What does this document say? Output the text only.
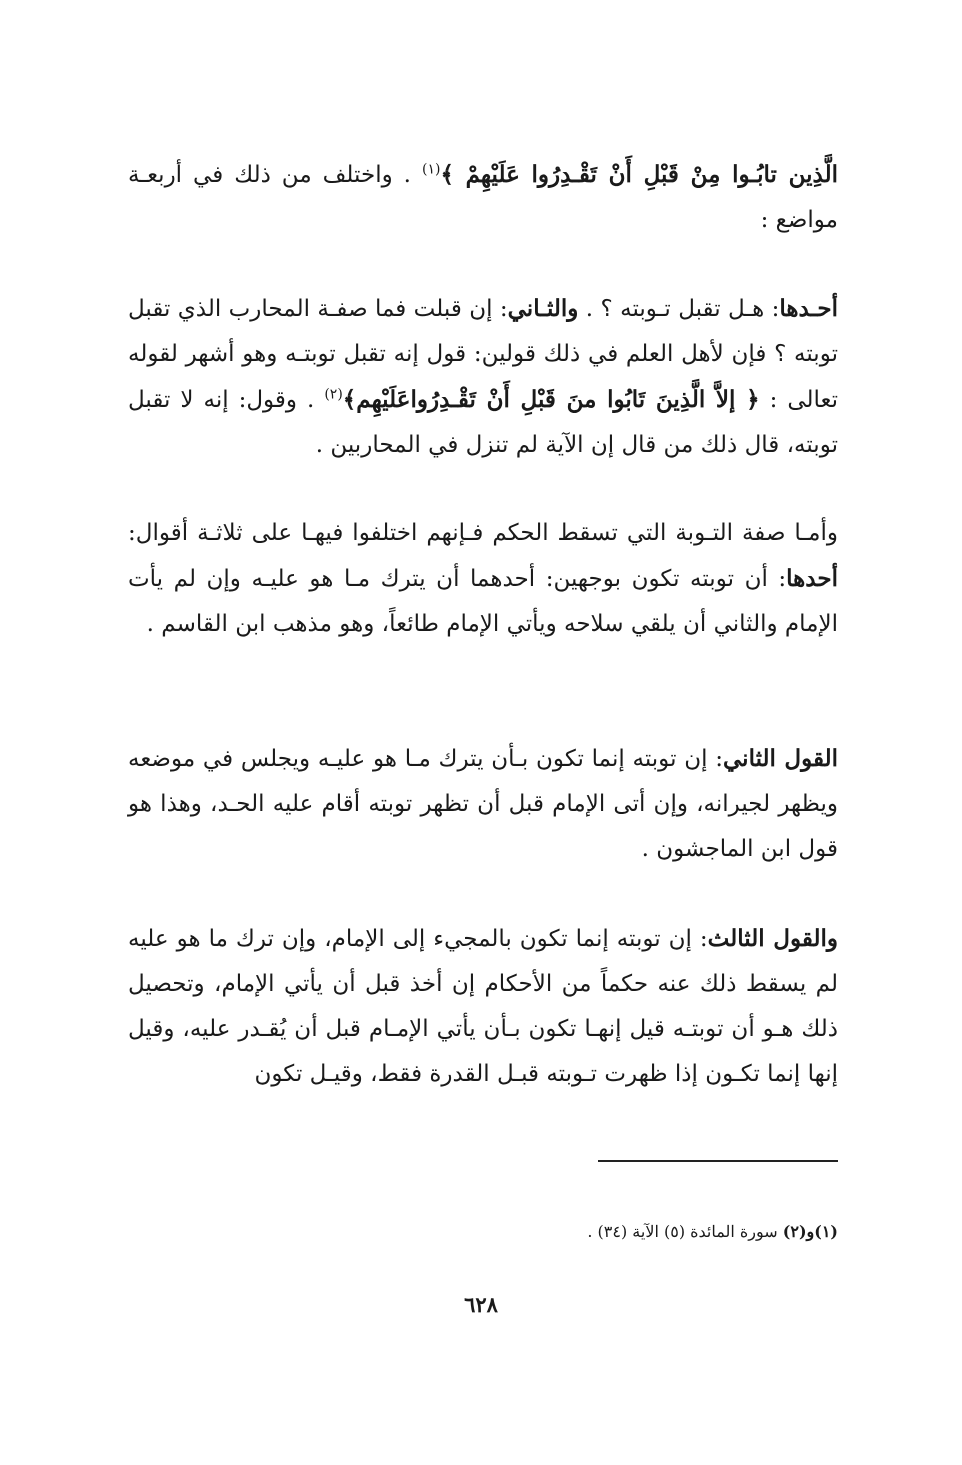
الَّذِين تابُـوا مِنْ قَبْلِ أَنْ تَقْـدِرُوا عَلَيْهِمْ ﴾$^{(١)}$ . واختلف من ذلك في أربعـة مواضع :

أحـدها: هـل تقبل تـوبته ؟ . والثـاني: إن قبلت فما صفـة المحارب الذي تقبل توبته ؟ فإن لأهل العلم في ذلك قولين: قول إنه تقبل توبتـه وهو أشهر لقوله تعالى : ﴿ إلاَّ الَّذِينَ تَابُوا منَ قَبْلِ أَنْ تَقْـدِرُواعَلَيْهِم﴾$^{(٢)}$ . وقول: إنه لا تقبل توبته، قال ذلك من قال إن الآية لم تنزل في المحاربين .

وأمـا صفة التـوبة التي تسقط الحكم فـإنهم اختلفوا فيهـا على ثلاثـة أقوال: أحدها: أن توبته تكون بوجهين: أحدهما أن يترك مـا هو عليـه وإن لم يأت الإمام والثاني أن يلقي سلاحه ويأتي الإمام طائعاً، وهو مذهب ابن القاسم .

القول الثاني: إن توبته إنما تكون بـأن يترك مـا هو عليـه ويجلس في موضعه ويظهر لجيرانه، وإن أتى الإمام قبل أن تظهر توبته أقام عليه الحـد، وهذا هو قول ابن الماجشون .

والقول الثالث: إن توبته إنما تكون بالمجيء إلى الإمام، وإن ترك ما هو عليه لم يسقط ذلك عنه حكماً من الأحكام إن أخذ قبل أن يأتي الإمام، وتحصيل ذلك هـو أن توبتـه قيل إنهـا تكون بـأن يأتي الإمـام قبل أن يُقـدر عليه، وقيل إنها إنما تكـون إذا ظهرت تـوبته قبـل القدرة فقط، وقيـل تكون

(١)و(٢) سورة المائدة (٥) الآية (٣٤) .

٦٢٨
